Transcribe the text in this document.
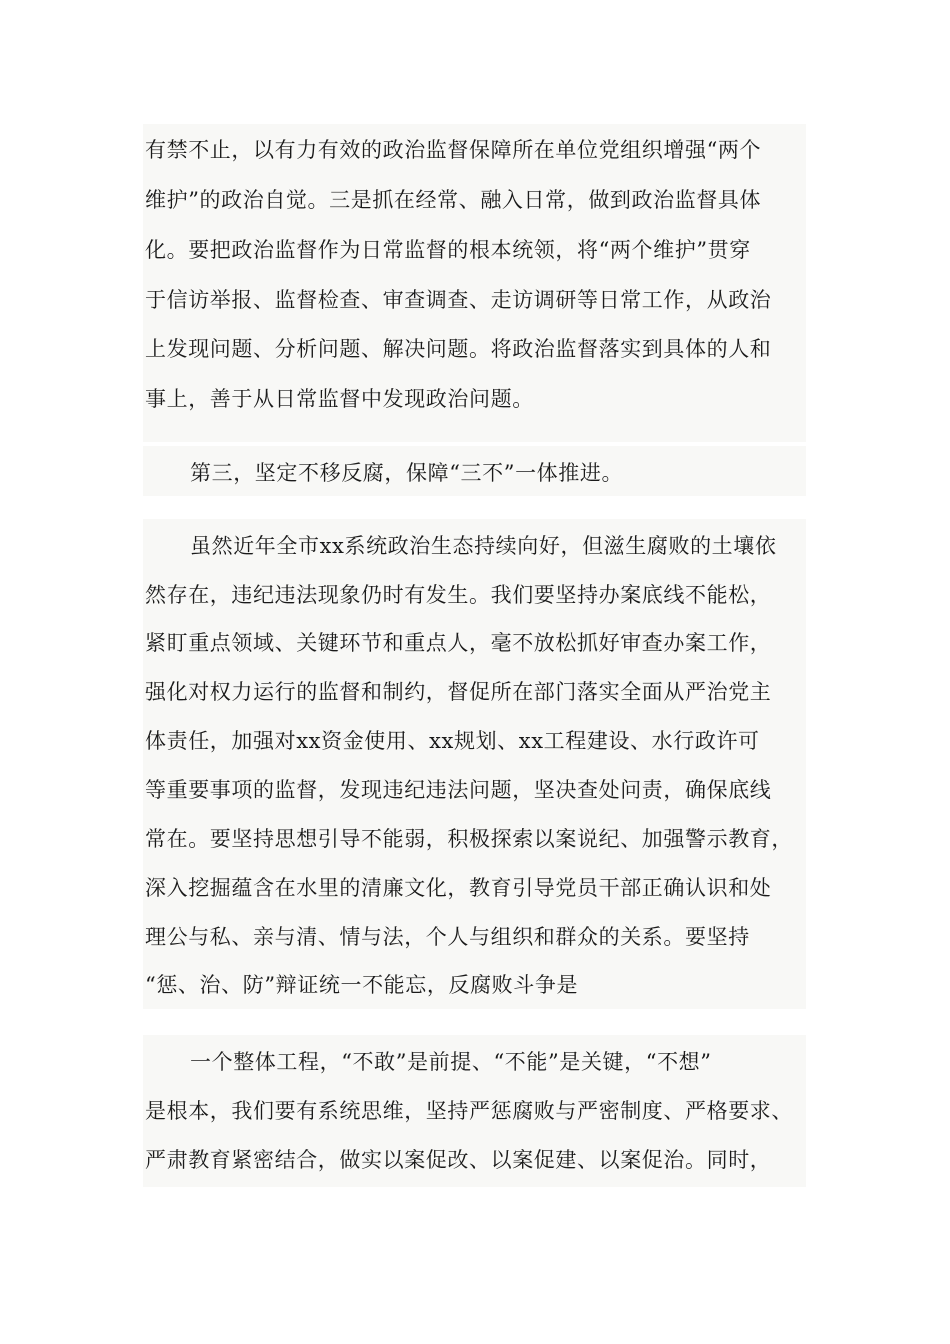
有禁不止，以有力有效的政治监督保障所在单位党组织增强“两个
维护”的政治自觉。三是抓在经常、融入日常，做到政治监督具体
化。要把政治监督作为日常监督的根本统领，将“两个维护”贯穿
于信访举报、监督检查、审查调查、走访调研等日常工作，从政治
上发现问题、分析问题、解决问题。将政治监督落实到具体的人和
事上，善于从日常监督中发现政治问题。
第三，坚定不移反腐，保障“三不”一体推进。
虽然近年全市xx系统政治生态持续向好，但滋生腐败的土壤依
然存在，违纪违法现象仍时有发生。我们要坚持办案底线不能松，
紧盯重点领域、关键环节和重点人，毫不放松抓好审查办案工作，
强化对权力运行的监督和制约，督促所在部门落实全面从严治党主
体责任，加强对xx资金使用、xx规划、xx工程建设、水行政许可
等重要事项的监督，发现违纪违法问题，坚决查处问责，确保底线
常在。要坚持思想引导不能弱，积极探索以案说纪、加强警示教育，
深入挖掘蕴含在水里的清廉文化，教育引导党员干部正确认识和处
理公与私、亲与清、情与法，个人与组织和群众的关系。要坚持
“惩、治、防”辩证统一不能忘，反腐败斗争是
一个整体工程，“不敢”是前提、“不能”是关键，“不想”
是根本，我们要有系统思维，坚持严惩腐败与严密制度、严格要求、
严肃教育紧密结合，做实以案促改、以案促建、以案促治。同时，
